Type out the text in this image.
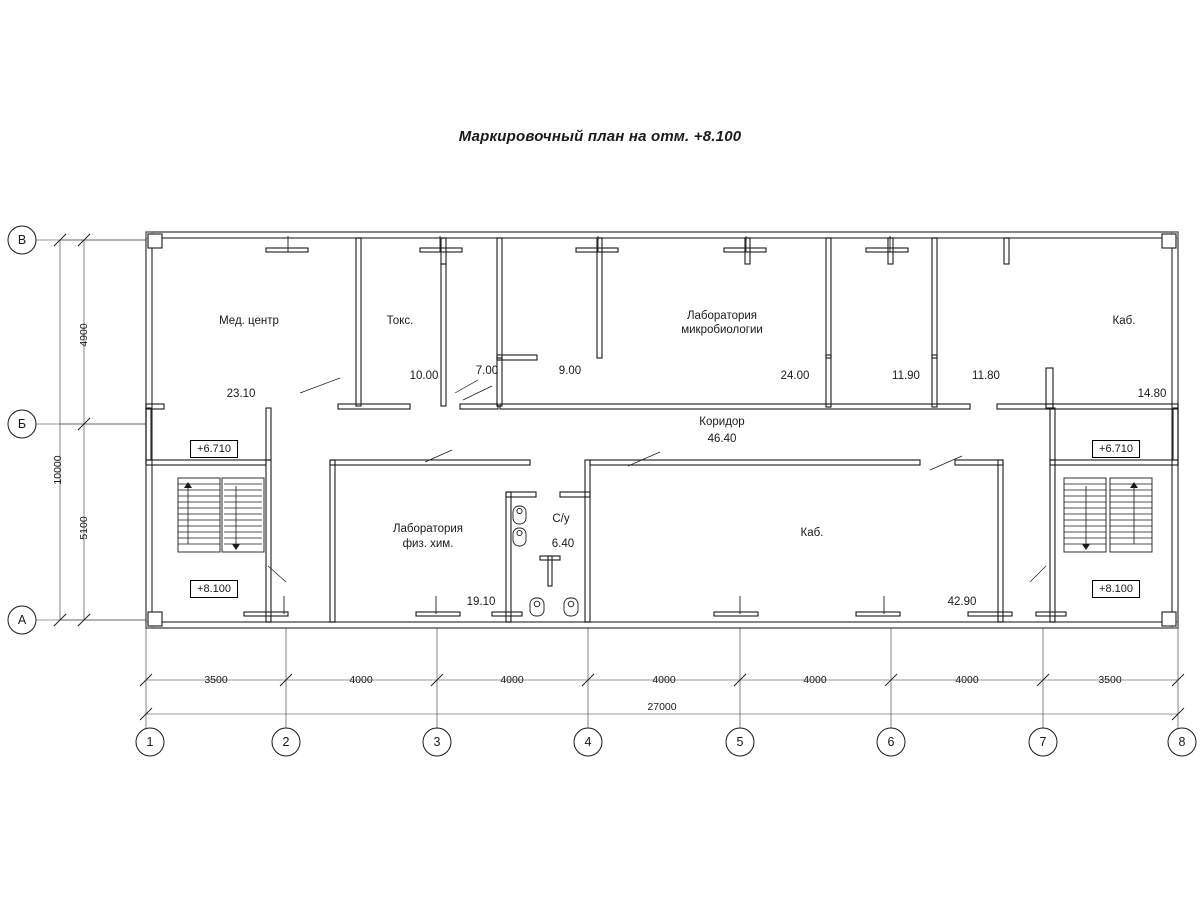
Маркировочный план на отм. +8.100
Мед. центр	Токс.	Лаборатория
микробиологии
Каб.
Коридор
Лаборатория
физ. хим.
С/у
Каб.
23.10
10.00	7.00	9.00	24.00	11.90	11.80
14.80
46.40
19.10
6.40
42.90
+6.710
+8.100
+6.710
+8.100
3500	4000	4000	4000	4000	4000	3500
27000
4900
5100
10000
А
Б
В
1	2	3	4	5	6	7	8
